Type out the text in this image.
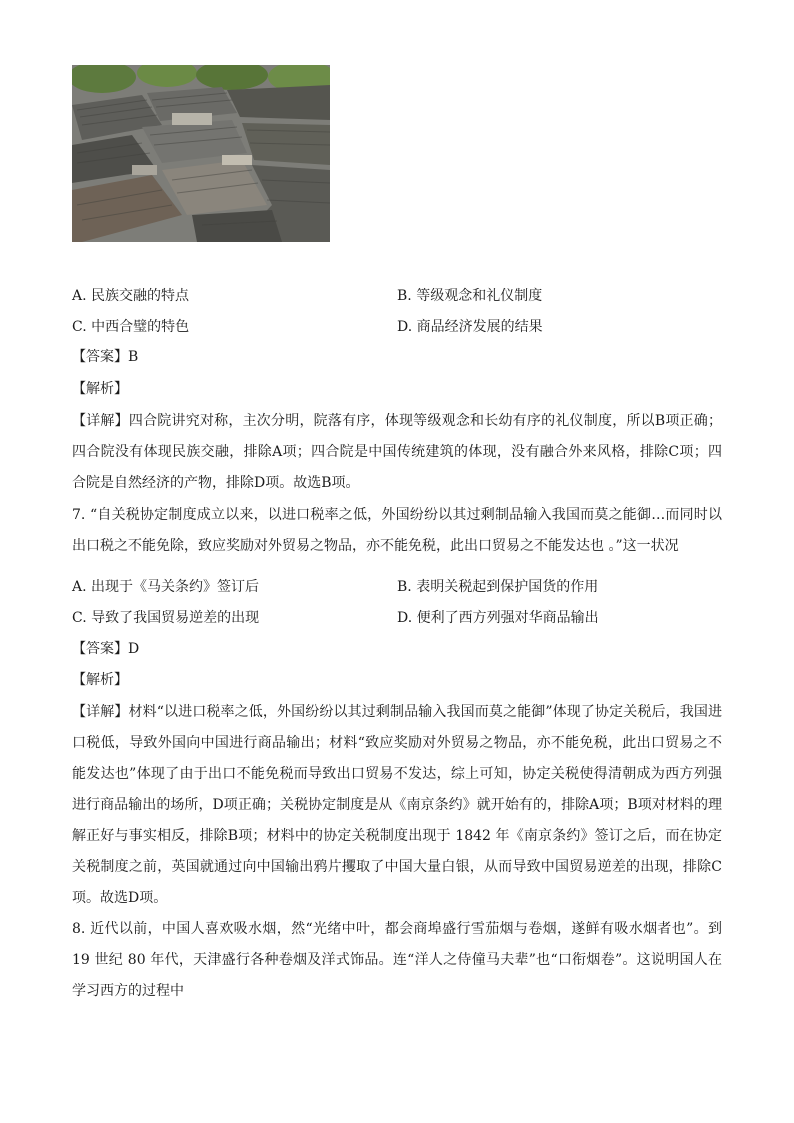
A. 民族交融的特点	B. 等级观念和礼仪制度
C. 中西合璧的特色	D. 商品经济发展的结果
【答案】B
【解析】

【详解】四合院讲究对称，主次分明，院落有序，体现等级观念和长幼有序的礼仪制度，所以B项正确；四合院没有体现民族交融，排除A项；四合院是中国传统建筑的体现，没有融合外来风格，排除C项；四合院是自然经济的产物，排除D项。故选B项。

7. “自关税协定制度成立以来，以进口税率之低，外国纷纷以其过剩制品输入我国而莫之能御…而同时以出口税之不能免除，致应奖励对外贸易之物品，亦不能免税，此出口贸易之不能发达也 。”这一状况

A. 出现于《马关条约》签订后	B. 表明关税起到保护国货的作用
C. 导致了我国贸易逆差的出现	D. 便利了西方列强对华商品输出
【答案】D
【解析】

【详解】材料“以进口税率之低，外国纷纷以其过剩制品输入我国而莫之能御”体现了协定关税后，我国进口税低，导致外国向中国进行商品输出；材料“致应奖励对外贸易之物品，亦不能免税，此出口贸易之不能发达也”体现了由于出口不能免税而导致出口贸易不发达，综上可知，协定关税使得清朝成为西方列强进行商品输出的场所，D项正确；关税协定制度是从《南京条约》就开始有的，排除A项；B项对材料的理解正好与事实相反，排除B项；材料中的协定关税制度出现于 1842 年《南京条约》签订之后，而在协定关税制度之前，英国就通过向中国输出鸦片攫取了中国大量白银，从而导致中国贸易逆差的出现，排除C项。故选D项。

8. 近代以前，中国人喜欢吸水烟，然“光绪中叶，都会商埠盛行雪茄烟与卷烟，遂鲜有吸水烟者也”。到 19 世纪 80 年代，天津盛行各种卷烟及洋式饰品。连“洋人之侍僮马夫辈”也“口衔烟卷”。这说明国人在学习西方的过程中
